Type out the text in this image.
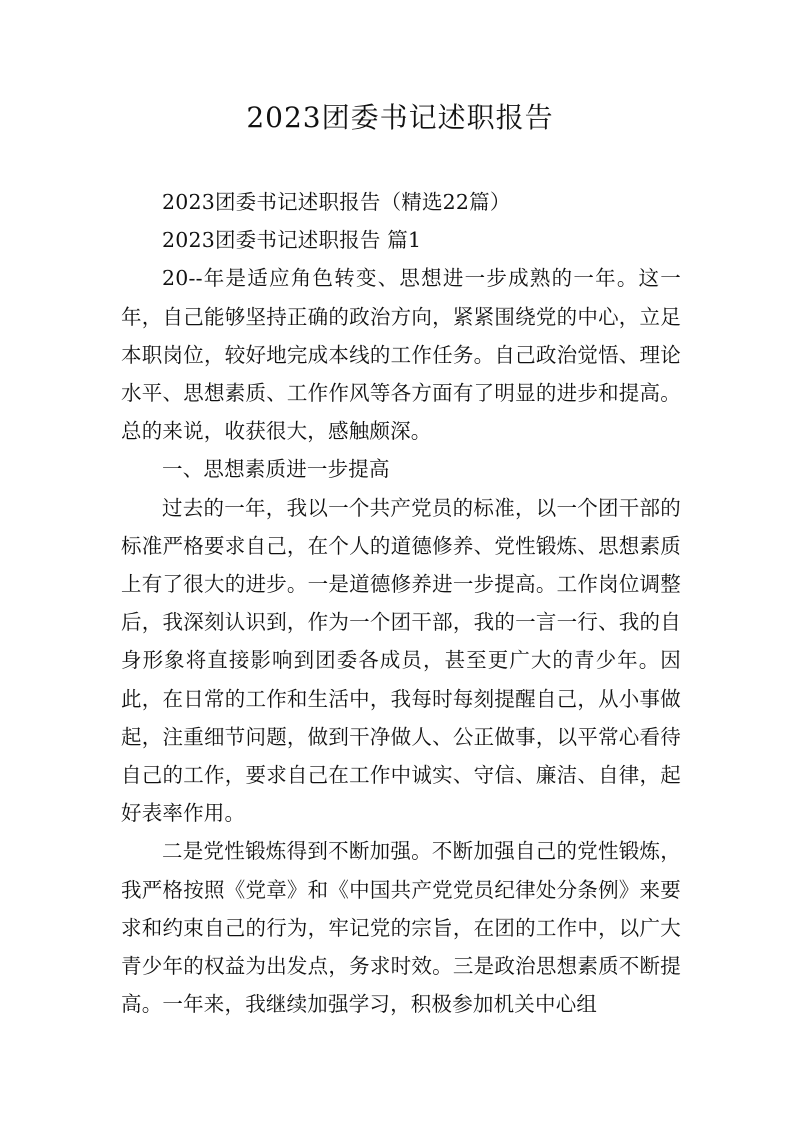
2023团委书记述职报告

2023团委书记述职报告（精选22篇）

2023团委书记述职报告 篇1

20--年是适应角色转变、思想进一步成熟的一年。这一年，自己能够坚持正确的政治方向，紧紧围绕党的中心，立足本职岗位，较好地完成本线的工作任务。自己政治觉悟、理论水平、思想素质、工作作风等各方面有了明显的进步和提高。总的来说，收获很大，感触颇深。

一、思想素质进一步提高

过去的一年，我以一个共产党员的标准，以一个团干部的标准严格要求自己，在个人的道德修养、党性锻炼、思想素质上有了很大的进步。一是道德修养进一步提高。工作岗位调整后，我深刻认识到，作为一个团干部，我的一言一行、我的自身形象将直接影响到团委各成员，甚至更广大的青少年。因此，在日常的工作和生活中，我每时每刻提醒自己，从小事做起，注重细节问题，做到干净做人、公正做事，以平常心看待自己的工作，要求自己在工作中诚实、守信、廉洁、自律，起好表率作用。

二是党性锻炼得到不断加强。不断加强自己的党性锻炼，我严格按照《党章》和《中国共产党党员纪律处分条例》来要求和约束自己的行为，牢记党的宗旨，在团的工作中，以广大青少年的权益为出发点，务求时效。三是政治思想素质不断提高。一年来，我继续加强学习，积极参加机关中心组
